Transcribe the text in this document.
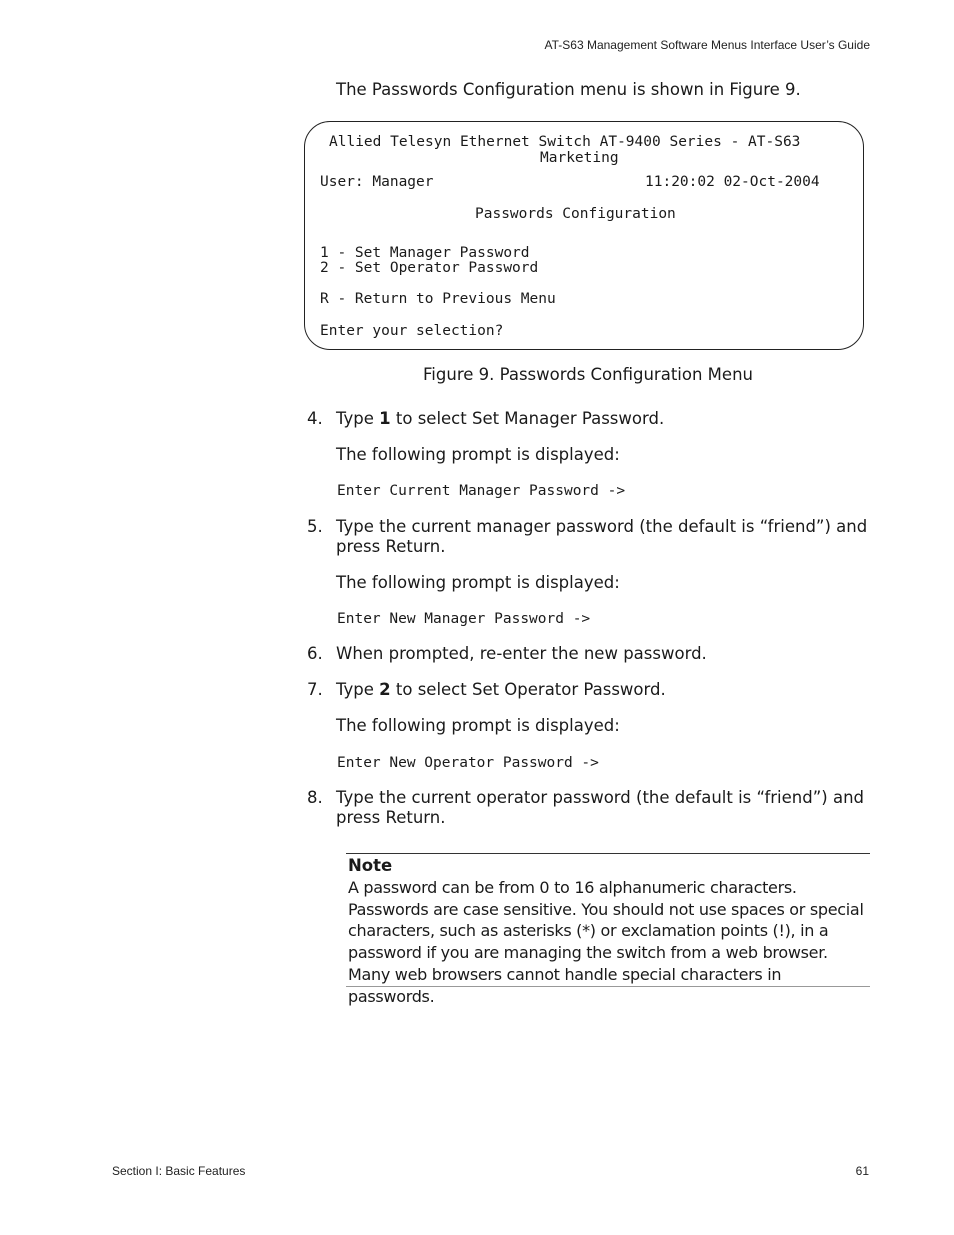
AT-S63 Management Software Menus Interface User’s Guide
The Passwords Configuration menu is shown in Figure 9.
Allied Telesyn Ethernet Switch AT-9400 Series - AT-S63
Marketing
User: Manager	11:20:02 02-Oct-2004
Passwords Configuration
1 - Set Manager Password
2 - Set Operator Password
R - Return to Previous Menu
Enter your selection?
Figure 9. Passwords Configuration Menu
4. Type 1 to select Set Manager Password.
The following prompt is displayed:
Enter Current Manager Password ->
5. Type the current manager password (the default is “friend”) and press Return.
The following prompt is displayed:
Enter New Manager Password ->
6. When prompted, re-enter the new password.
7. Type 2 to select Set Operator Password.
The following prompt is displayed:
Enter New Operator Password ->
8. Type the current operator password (the default is “friend”) and press Return.
Note
A password can be from 0 to 16 alphanumeric characters. Passwords are case sensitive. You should not use spaces or special characters, such as asterisks (*) or exclamation points (!), in a password if you are managing the switch from a web browser. Many web browsers cannot handle special characters in passwords.
Section I: Basic Features	61
